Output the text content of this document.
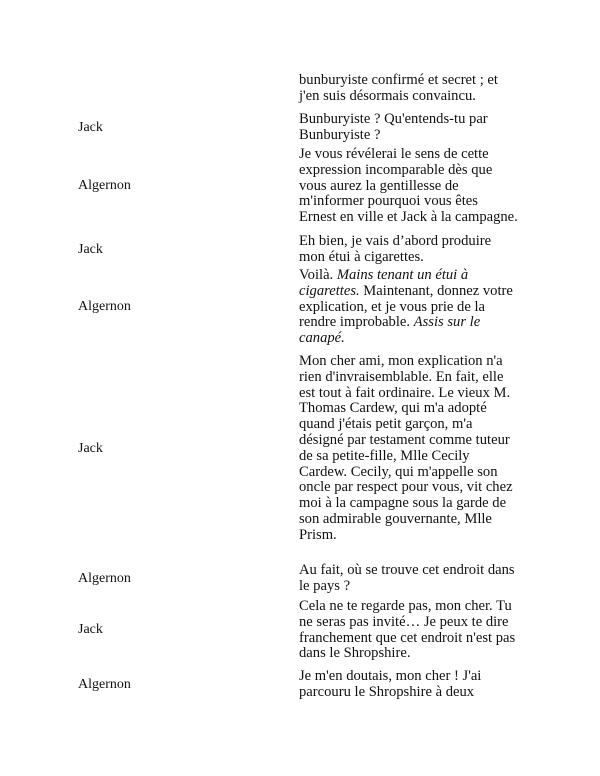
bunburyiste confirmé et secret ; et
j'en suis désormais convaincu.
Jack
Bunburyiste ? Qu'entends-tu par
Bunburyiste ?
Algernon
Je vous révélerai le sens de cette
expression incomparable dès que
vous aurez la gentillesse de
m'informer pourquoi vous êtes
Ernest en ville et Jack à la campagne.
Jack
Eh bien, je vais d’abord produire
mon étui à cigarettes.
Algernon
Voilà. Mains tenant un étui à
cigarettes. Maintenant, donnez votre
explication, et je vous prie de la
rendre improbable. Assis sur le
canapé.
Jack
Mon cher ami, mon explication n'a
rien d'invraisemblable. En fait, elle
est tout à fait ordinaire. Le vieux M.
Thomas Cardew, qui m'a adopté
quand j'étais petit garçon, m'a
désigné par testament comme tuteur
de sa petite-fille, Mlle Cecily
Cardew. Cecily, qui m'appelle son
oncle par respect pour vous, vit chez
moi à la campagne sous la garde de
son admirable gouvernante, Mlle
Prism.
Algernon
Au fait, où se trouve cet endroit dans
le pays ?
Jack
Cela ne te regarde pas, mon cher. Tu
ne seras pas invité… Je peux te dire
franchement que cet endroit n'est pas
dans le Shropshire.
Algernon
Je m'en doutais, mon cher ! J'ai
parcouru le Shropshire à deux
